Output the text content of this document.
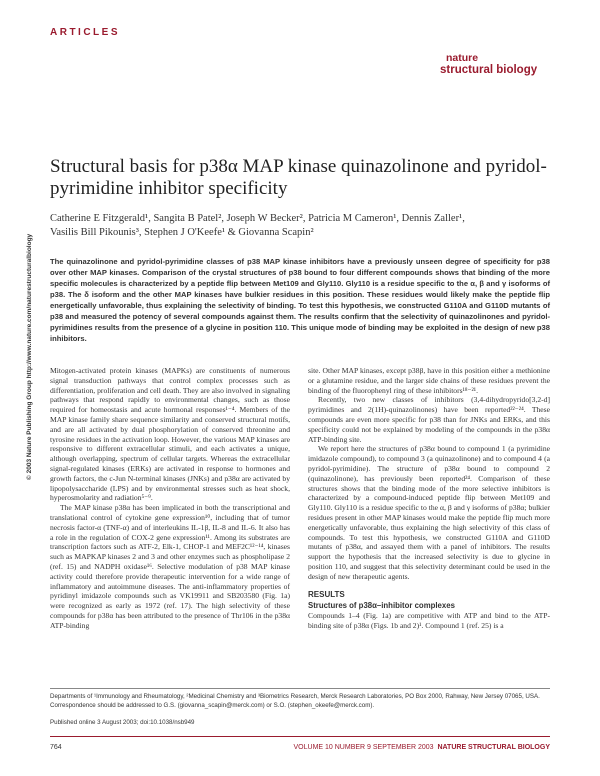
ARTICLES
nature
structural biology
© 2003 Nature Publishing Group http://www.nature.com/naturestructuralbiology
Structural basis for p38α MAP kinase quinazolinone and pyridol-pyrimidine inhibitor specificity
Catherine E Fitzgerald¹, Sangita B Patel², Joseph W Becker², Patricia M Cameron¹, Dennis Zaller¹,
Vasilis Bill Pikounis³, Stephen J O'Keefe¹ & Giovanna Scapin²
The quinazolinone and pyridol-pyrimidine classes of p38 MAP kinase inhibitors have a previously unseen degree of specificity for p38 over other MAP kinases. Comparison of the crystal structures of p38 bound to four different compounds shows that binding of the more specific molecules is characterized by a peptide flip between Met109 and Gly110. Gly110 is a residue specific to the α, β and γ isoforms of p38. The δ isoform and the other MAP kinases have bulkier residues in this position. These residues would likely make the peptide flip energetically unfavorable, thus explaining the selectivity of binding. To test this hypothesis, we constructed G110A and G110D mutants of p38 and measured the potency of several compounds against them. The results confirm that the selectivity of quinazolinones and pyridol-pyrimidines results from the presence of a glycine in position 110. This unique mode of binding may be exploited in the design of new p38 inhibitors.

Mitogen-activated protein kinases (MAPKs) are constituents of numerous signal transduction pathways that control complex processes such as differentiation, proliferation and cell death. They are also involved in signaling pathways that respond rapidly to environmental changes, such as those required for homeostasis and acute hormonal responses¹⁻⁴. Members of the MAP kinase family share sequence similarity and conserved structural motifs, and are all activated by dual phosphorylation of conserved threonine and tyrosine residues in the activation loop. However, the various MAP kinases are responsive to different extracellular stimuli, and each activates a unique, although overlapping, spectrum of cellular targets. Whereas the extracellular signal-regulated kinases (ERKs) are activated in response to hormones and growth factors, the c-Jun N-terminal kinases (JNKs) and p38α are activated by lipopolysaccharide (LPS) and by environmental stresses such as heat shock, hyperosmolarity and radiation⁵⁻⁹.

The MAP kinase p38α has been implicated in both the transcriptional and translational control of cytokine gene expression¹⁰, including that of tumor necrosis factor-α (TNF-α) and of interleukins IL-1β, IL-8 and IL-6. It also has a role in the regulation of COX-2 gene expression¹¹. Among its substrates are transcription factors such as ATF-2, Elk-1, CHOP-1 and MEF2C¹²⁻¹⁴, kinases such as MAPKAP kinases 2 and 3 and other enzymes such as phospholipase 2 (ref. 15) and NADPH oxidase¹⁶. Selective modulation of p38 MAP kinase activity could therefore provide therapeutic intervention for a wide range of inflammatory and autoimmune diseases. The anti-inflammatory properties of pyridinyl imidazole compounds such as VK19911 and SB203580 (Fig. 1a) were recognized as early as 1972 (ref. 17). The high selectivity of these compounds for p38α has been attributed to the presence of Thr106 in the p38α ATP-binding

site. Other MAP kinases, except p38β, have in this position either a methionine or a glutamine residue, and the larger side chains of these residues prevent the binding of the fluorophenyl ring of these inhibitors¹⁸⁻²¹.

Recently, two new classes of inhibitors (3,4-dihydropyrido[3,2-d] pyrimidines and 2(1H)-quinazolinones) have been reported²²⁻²⁴. These compounds are even more specific for p38 than for JNKs and ERKs, and this specificity could not be explained by modeling of the compounds in the p38α ATP-binding site.

We report here the structures of p38α bound to compound 1 (a pyrimidine imidazole compound), to compound 3 (a quinazolinone) and to compound 4 (a pyridol-pyrimidine). The structure of p38α bound to compound 2 (quinazolinone), has previously been reported²⁴. Comparison of these structures shows that the binding mode of the more selective inhibitors is characterized by a compound-induced peptide flip between Met109 and Gly110. Gly110 is a residue specific to the α, β and γ isoforms of p38α; bulkier residues present in other MAP kinases would make the peptide flip much more energetically unfavorable, thus explaining the high selectivity of this class of compounds. To test this hypothesis, we constructed G110A and G110D mutants of p38α, and assayed them with a panel of inhibitors. The results support the hypothesis that the increased selectivity is due to glycine in position 110, and suggest that this selectivity determinant could be used in the design of new therapeutic agents.

RESULTS
Structures of p38α–inhibitor complexes

Compounds 1–4 (Fig. 1a) are competitive with ATP and bind to the ATP-binding site of p38α (Figs. 1b and 2)¹. Compound 1 (ref. 25) is a

Departments of ¹Immunology and Rheumatology, ²Medicinal Chemistry and ³Biometrics Research, Merck Research Laboratories, PO Box 2000, Rahway, New Jersey 07065, USA. Correspondence should be addressed to G.S. (giovanna_scapin@merck.com) or S.O. (stephen_okeefe@merck.com).
Published online 3 August 2003; doi:10.1038/nsb949
764	VOLUME 10 NUMBER 9 SEPTEMBER 2003 NATURE STRUCTURAL BIOLOGY
